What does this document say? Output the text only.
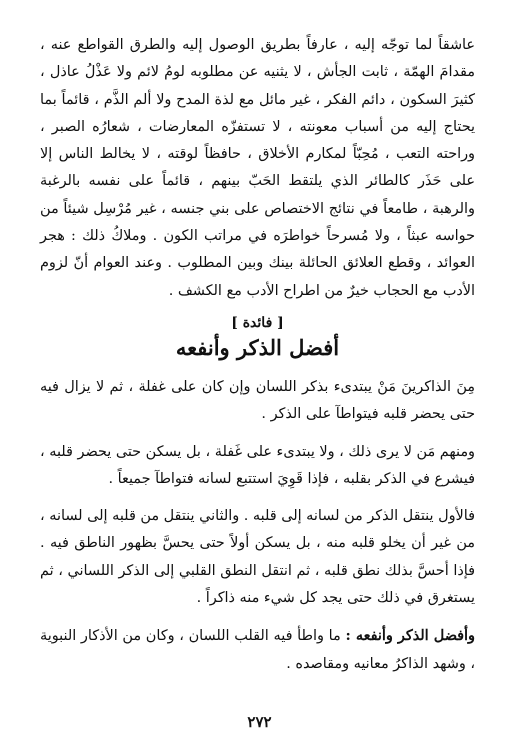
عاشقاً لما توجّه إليه ، عارفاً بطريق الوصول إليه والطرق القواطع عنه ، مقدامَ الهمّة ، ثابت الجأش ، لا يثنيه عن مطلوبه لومُ لائم ولا عَذْلُ عاذل ، كثيرَ السكون ، دائم الفكر ، غير مائل مع لذة المدح ولا ألم الذَّم ، قائماً بما يحتاج إليه من أسباب معونته ، لا تستفزّه المعارضات ، شعارُه الصبر ، وراحته التعب ، مُحِبّاً لمكارم الأخلاق ، حافظاً لوقته ، لا يخالط الناس إلا على حَذَر كالطائر الذي يلتقط الحَبّ بينهم ، قائماً على نفسه بالرغبة والرهبة ، طامعاً في نتائج الاختصاص على بني جنسه ، غير مُرْسِل شيئاً من حواسه عبثاً ، ولا مُسرحاً خواطرَه في مراتب الكون . وملاكُ ذلك : هجر العوائد ، وقطع العلائق الحائلة بينك وبين المطلوب . وعند العوام أنّ لزوم الأدب مع الحجاب خيرٌ من اطراح الأدب مع الكشف .

[ فائدة ]
أفضل الذكر وأنفعه

مِنَ الذاكرينَ مَنْ يبتدىء بذكر اللسان وإن كان على غفلة ، ثم لا يزال فيه حتى يحضر قلبه فيتواطآ على الذكر .

ومنهم مَن لا يرى ذلك ، ولا يبتدىء على غَفلة ، بل يسكن حتى يحضر قلبه ، فيشرع في الذكر بقلبه ، فإذا قَوِيَ استتبع لسانه فتواطآ جميعاً .

فالأول ينتقل الذكر من لسانه إلى قلبه . والثاني ينتقل من قلبه إلى لسانه ، من غير أن يخلو قلبه منه ، بل يسكن أولاً حتى يحسَّ بظهور الناطق فيه . فإذا أحسَّ بذلك نطق قلبه ، ثم انتقل النطق القلبي إلى الذكر اللساني ، ثم يستغرق في ذلك حتى يجد كل شيء منه ذاكراً .

وأفضل الذكر وأنفعه : ما واطأ فيه القلب اللسان ، وكان من الأذكار النبوية ، وشهد الذاكرُ معانيه ومقاصده .

٢٧٢
